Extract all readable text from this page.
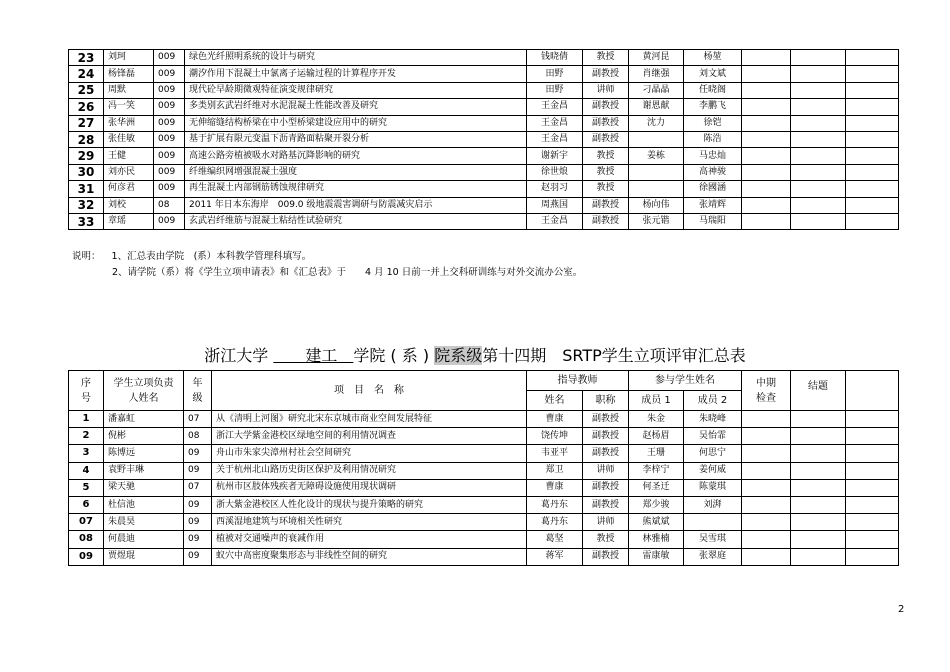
23	刘珂	009	绿色光纤照明系统的设计与研究	钱晓倩	教授	黄河昆	杨堃			
24	杨锋磊	009	潮汐作用下混凝土中氯离子运输过程的计算程序开发	田野	副教授	肖继强	刘文斌			
25	周默	009	现代砼早龄期微观特征演变规律研究	田野	讲师	刁晶晶	任晓阁			
26	冯一笑	009	多类别玄武岩纤维对水泥混凝土性能改善及研究	王金昌	副教授	谢恩献	李鹏飞			
27	张华洲	009	无伸缩缝结构桥梁在中小型桥梁建设应用中的研究	王金昌	副教授	沈力	徐铠			
28	张佳敏	009	基于扩展有限元变温下沥青路面粘聚开裂分析	王金昌	副教授		陈浩			
29	王健	009	高速公路旁植被吸水对路基沉降影响的研究	谢新宇	教授	姜栋	马忠灿			
30	刘亦民	009	纤维编织网增强混凝土强度	徐世烺	教授		高神骏			
31	何彦君	009	再生混凝土内部钢筋锈蚀规律研究	赵羽习	教授		徐國涵			
32	刘校	08	2011 年日本东海岸　009.0 级地震震害调研与防震减灾启示	周燕国	副教授	杨向伟	张靖辉			
33	章瑶	009	玄武岩纤维筋与混凝土粘结性试验研究	王金昌	副教授	张元锴	马瑞阳			
说明： 1、汇总表由学院　(系）本科教学管理科填写。
2、请学院（系）将《学生立项申请表》和《汇总表》于　　4 月 10 日前一并上交科研训练与对外交流办公室。
浙江大学 　　建工　学院 ( 系 ) 院系级第十四期　SRTP学生立项评审汇总表
序号	学生立项负责人姓名	年级	项　目　名　称	指导教师		参与学生姓名		中期检查	结题	
				姓名	职称	成员 1	成员 2			
1	潘嘉虹	07	从《清明上河图》研究北宋东京城市商业空间发展特征	曹康	副教授	朱金	朱晓峰			
2	倪彬	08	浙江大学紫金港校区绿地空间的利用情况调查	饶传坤	副教授	赵杨眉	吴怡霏			
3	陈博远	09	舟山市朱家尖漳州村社会空间研究	韦亚平	副教授	王珊	何思宁			
4	袁野丰琳	09	关于杭州北山路历史街区保护及利用情况研究	郑卫	讲师	李梓宁	姜何威			
5	梁天驰	07	杭州市区肢体残疾者无障碍设施使用现状调研	曹康	副教授	何圣迁	陈蒙琪			
6	杜信池	09	浙大紫金港校区人性化设计的现状与提升策略的研究	葛丹东	副教授	郑少骏	刘湃			
07	朱晨昊	09	西溪湿地建筑与环境相关性研究	葛丹东	讲师	熊斌斌				
08	何晨迪	09	植被对交通噪声的衰减作用	葛坚	教授	林雅楠	吴雪琪			
09	贾煜琨	09	蚁穴中高密度聚集形态与非线性空间的研究	蒋军	副教授	雷康敏	张翠庭			
2
